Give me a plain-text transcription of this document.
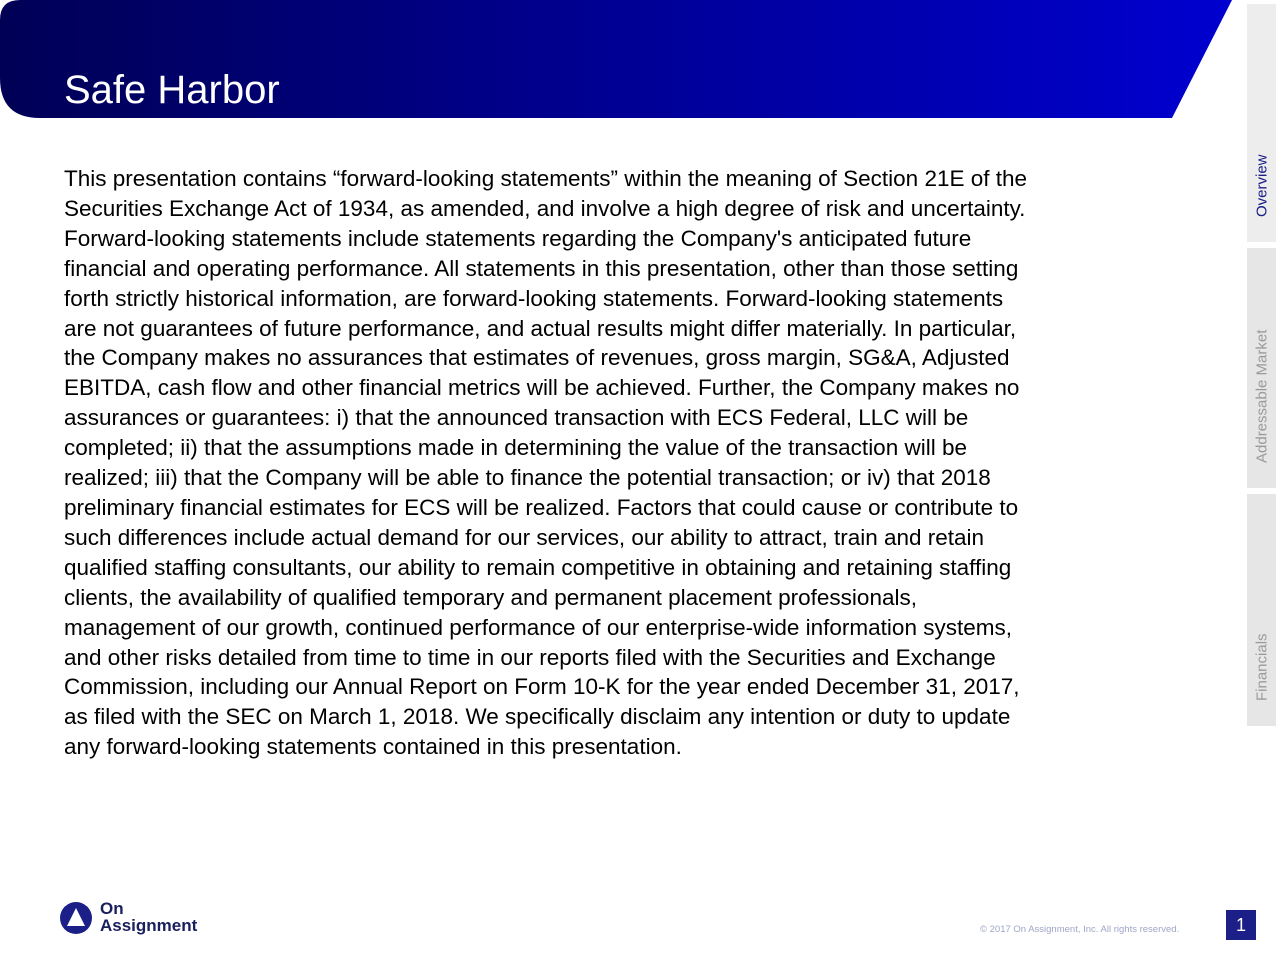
Safe Harbor
Overview
Addressable Market
Financials
This presentation contains “forward-looking statements” within the meaning of Section 21E of the
Securities Exchange Act of 1934, as amended, and involve a high degree of risk and uncertainty.
Forward-looking statements include statements regarding the Company's anticipated future
financial and operating performance. All statements in this presentation, other than those setting
forth strictly historical information, are forward-looking statements. Forward-looking statements
are not guarantees of future performance, and actual results might differ materially. In particular,
the Company makes no assurances that estimates of revenues, gross margin, SG&A, Adjusted
EBITDA, cash flow and other financial metrics will be achieved. Further, the Company makes no
assurances or guarantees: i) that the announced transaction with ECS Federal, LLC will be
completed; ii) that the assumptions made in determining the value of the transaction will be
realized; iii) that the Company will be able to finance the potential transaction; or iv) that 2018
preliminary financial estimates for ECS will be realized. Factors that could cause or contribute to
such differences include actual demand for our services, our ability to attract, train and retain
qualified staffing consultants, our ability to remain competitive in obtaining and retaining staffing
clients, the availability of qualified temporary and permanent placement professionals,
management of our growth, continued performance of our enterprise-wide information systems,
and other risks detailed from time to time in our reports filed with the Securities and Exchange
Commission, including our Annual Report on Form 10-K for the year ended December 31, 2017,
as filed with the SEC on March 1, 2018. We specifically disclaim any intention or duty to update
any forward-looking statements contained in this presentation.
On
Assignment	© 2017 On Assignment, Inc. All rights reserved.	1
